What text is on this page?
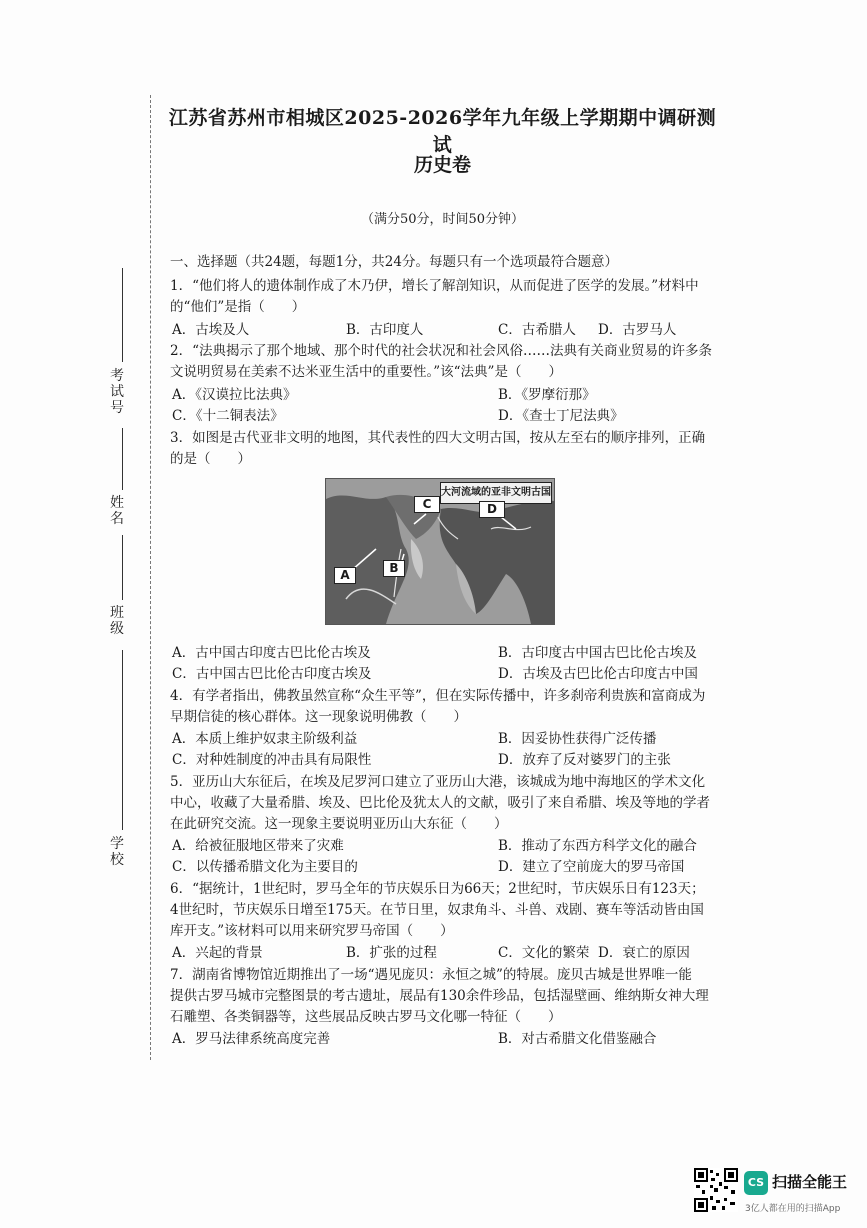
考试号
姓名
班级
学校
江苏省苏州市相城区2025-2026学年九年级上学期期中调研测试
历史卷
（满分50分，时间50分钟）
一、选择题（共24题，每题1分，共24分。每题只有一个选项最符合题意）
1．“他们将人的遗体制作成了木乃伊，增长了解剖知识，从而促进了医学的发展。”材料中
的“他们”是指（　　）
A．古埃及人	B．古印度人	C．古希腊人 D．古罗马人
2．“法典揭示了那个地域、那个时代的社会状况和社会风俗……法典有关商业贸易的许多条
文说明贸易在美索不达米亚生活中的重要性。”该“法典”是（　　）
A．《汉谟拉比法典》	B．《罗摩衍那》
C．《十二铜表法》	D．《查士丁尼法典》
3．如图是古代亚非文明的地图，其代表性的四大文明古国，按从左至右的顺序排列，正确
的是（　　）
大河流域的亚非文明古国
A	B
C	D
A．古中国古印度古巴比伦古埃及	B．古印度古中国古巴比伦古埃及
C．古中国古巴比伦古印度古埃及	D．古埃及古巴比伦古印度古中国
4．有学者指出，佛教虽然宣称“众生平等”，但在实际传播中，许多刹帝利贵族和富商成为
早期信徒的核心群体。这一现象说明佛教（　　）
A．本质上维护奴隶主阶级利益	B．因妥协性获得广泛传播
C．对种姓制度的冲击具有局限性	D．放弃了反对婆罗门的主张
5．亚历山大东征后，在埃及尼罗河口建立了亚历山大港，该城成为地中海地区的学术文化
中心，收藏了大量希腊、埃及、巴比伦及犹太人的文献，吸引了来自希腊、埃及等地的学者
在此研究交流。这一现象主要说明亚历山大东征（　　）
A．给被征服地区带来了灾难	B．推动了东西方科学文化的融合
C．以传播希腊文化为主要目的	D．建立了空前庞大的罗马帝国
6．“据统计，1世纪时，罗马全年的节庆娱乐日为66天；2世纪时，节庆娱乐日有123天；
4世纪时，节庆娱乐日增至175天。在节日里，奴隶角斗、斗兽、戏剧、赛车等活动皆由国
库开支。”该材料可以用来研究罗马帝国（　　）
A．兴起的背景	B．扩张的过程	C．文化的繁荣 D．衰亡的原因
7．湖南省博物馆近期推出了一场“遇见庞贝：永恒之城”的特展。庞贝古城是世界唯一能
提供古罗马城市完整图景的考古遗址，展品有130余件珍品，包括湿壁画、维纳斯女神大理
石雕塑、各类铜器等，这些展品反映古罗马文化哪一特征（　　）
A．罗马法律系统高度完善	B．对古希腊文化借鉴融合
CS 扫描全能王
3亿人都在用的扫描App
